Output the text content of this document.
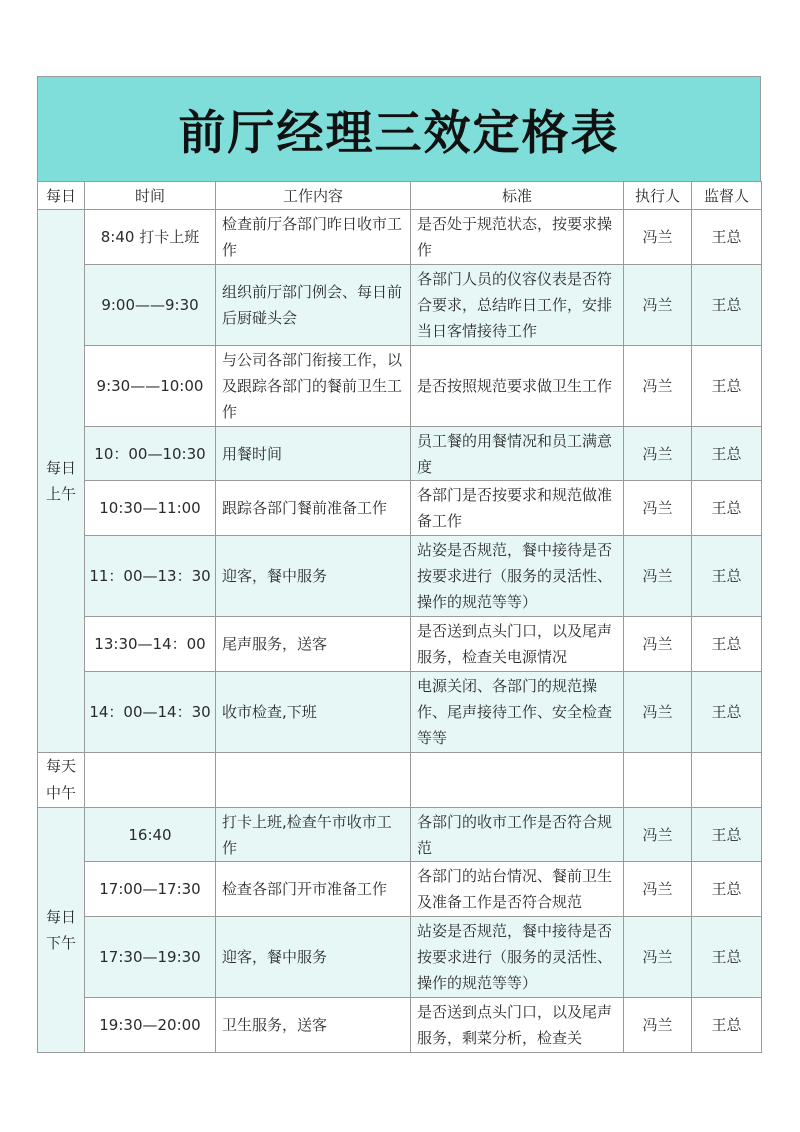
前厅经理三效定格表
每日	时间	工作内容	标准	执行人	监督人
每日
上午	8:40 打卡上班	检查前厅各部门昨日收市工作	是否处于规范状态，按要求操作	冯兰	王总
	9:00——9:30	组织前厅部门例会、每日前后厨碰头会	各部门人员的仪容仪表是否符合要求，总结昨日工作，安排当日客情接待工作	冯兰	王总
	9:30——10:00	与公司各部门衔接工作，以及跟踪各部门的餐前卫生工作	是否按照规范要求做卫生工作	冯兰	王总
	10：00—10:30	用餐时间	员工餐的用餐情况和员工满意度	冯兰	王总
	10:30—11:00	跟踪各部门餐前准备工作	各部门是否按要求和规范做准备工作	冯兰	王总
	11：00—13：30	迎客，餐中服务	站姿是否规范，餐中接待是否按要求进行（服务的灵活性、操作的规范等等）	冯兰	王总
	13:30—14：00	尾声服务，送客	是否送到点头门口，以及尾声服务，检查关电源情况	冯兰	王总
	14：00—14：30	收市检查,下班	电源关闭、各部门的规范操作、尾声接待工作、安全检查等等	冯兰	王总
每天
中午					
每日
下午	16:40	打卡上班,检查午市收市工作	各部门的收市工作是否符合规范	冯兰	王总
	17:00—17:30	检查各部门开市准备工作	各部门的站台情况、餐前卫生及准备工作是否符合规范	冯兰	王总
	17:30—19:30	迎客，餐中服务	站姿是否规范，餐中接待是否按要求进行（服务的灵活性、操作的规范等等）	冯兰	王总
	19:30—20:00	卫生服务，送客	是否送到点头门口，以及尾声服务，剩菜分析，检查关	冯兰	王总
